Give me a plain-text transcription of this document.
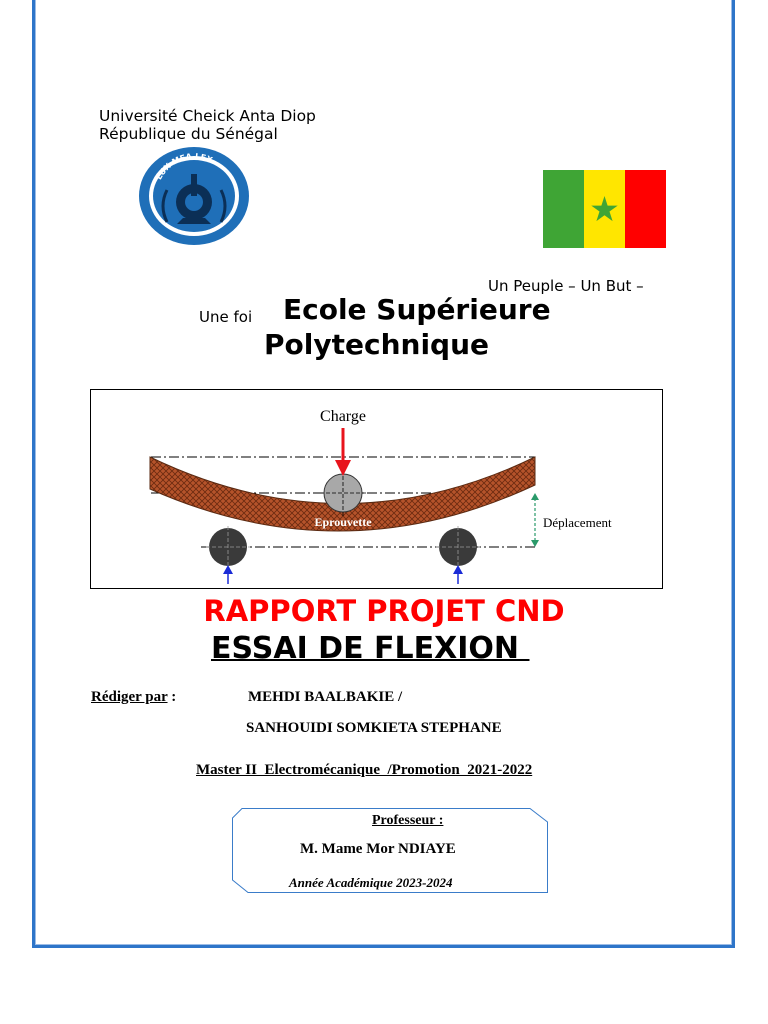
Université Cheick Anta Diop
République du Sénégal
LUX MEA LEX
Un Peuple – Un But –
Une foi Ecole Supérieure
Polytechnique
Charge
Eprouvette	Déplacement
RAPPORT PROJET CND
ESSAI DE FLEXION
Rédiger par :	MEHDI BAALBAKIE /
SANHOUIDI SOMKIETA STEPHANE
Master II  Electromécanique  /Promotion  2021-2022
Professeur :
M. Mame Mor NDIAYE
Année Académique 2023-2024
